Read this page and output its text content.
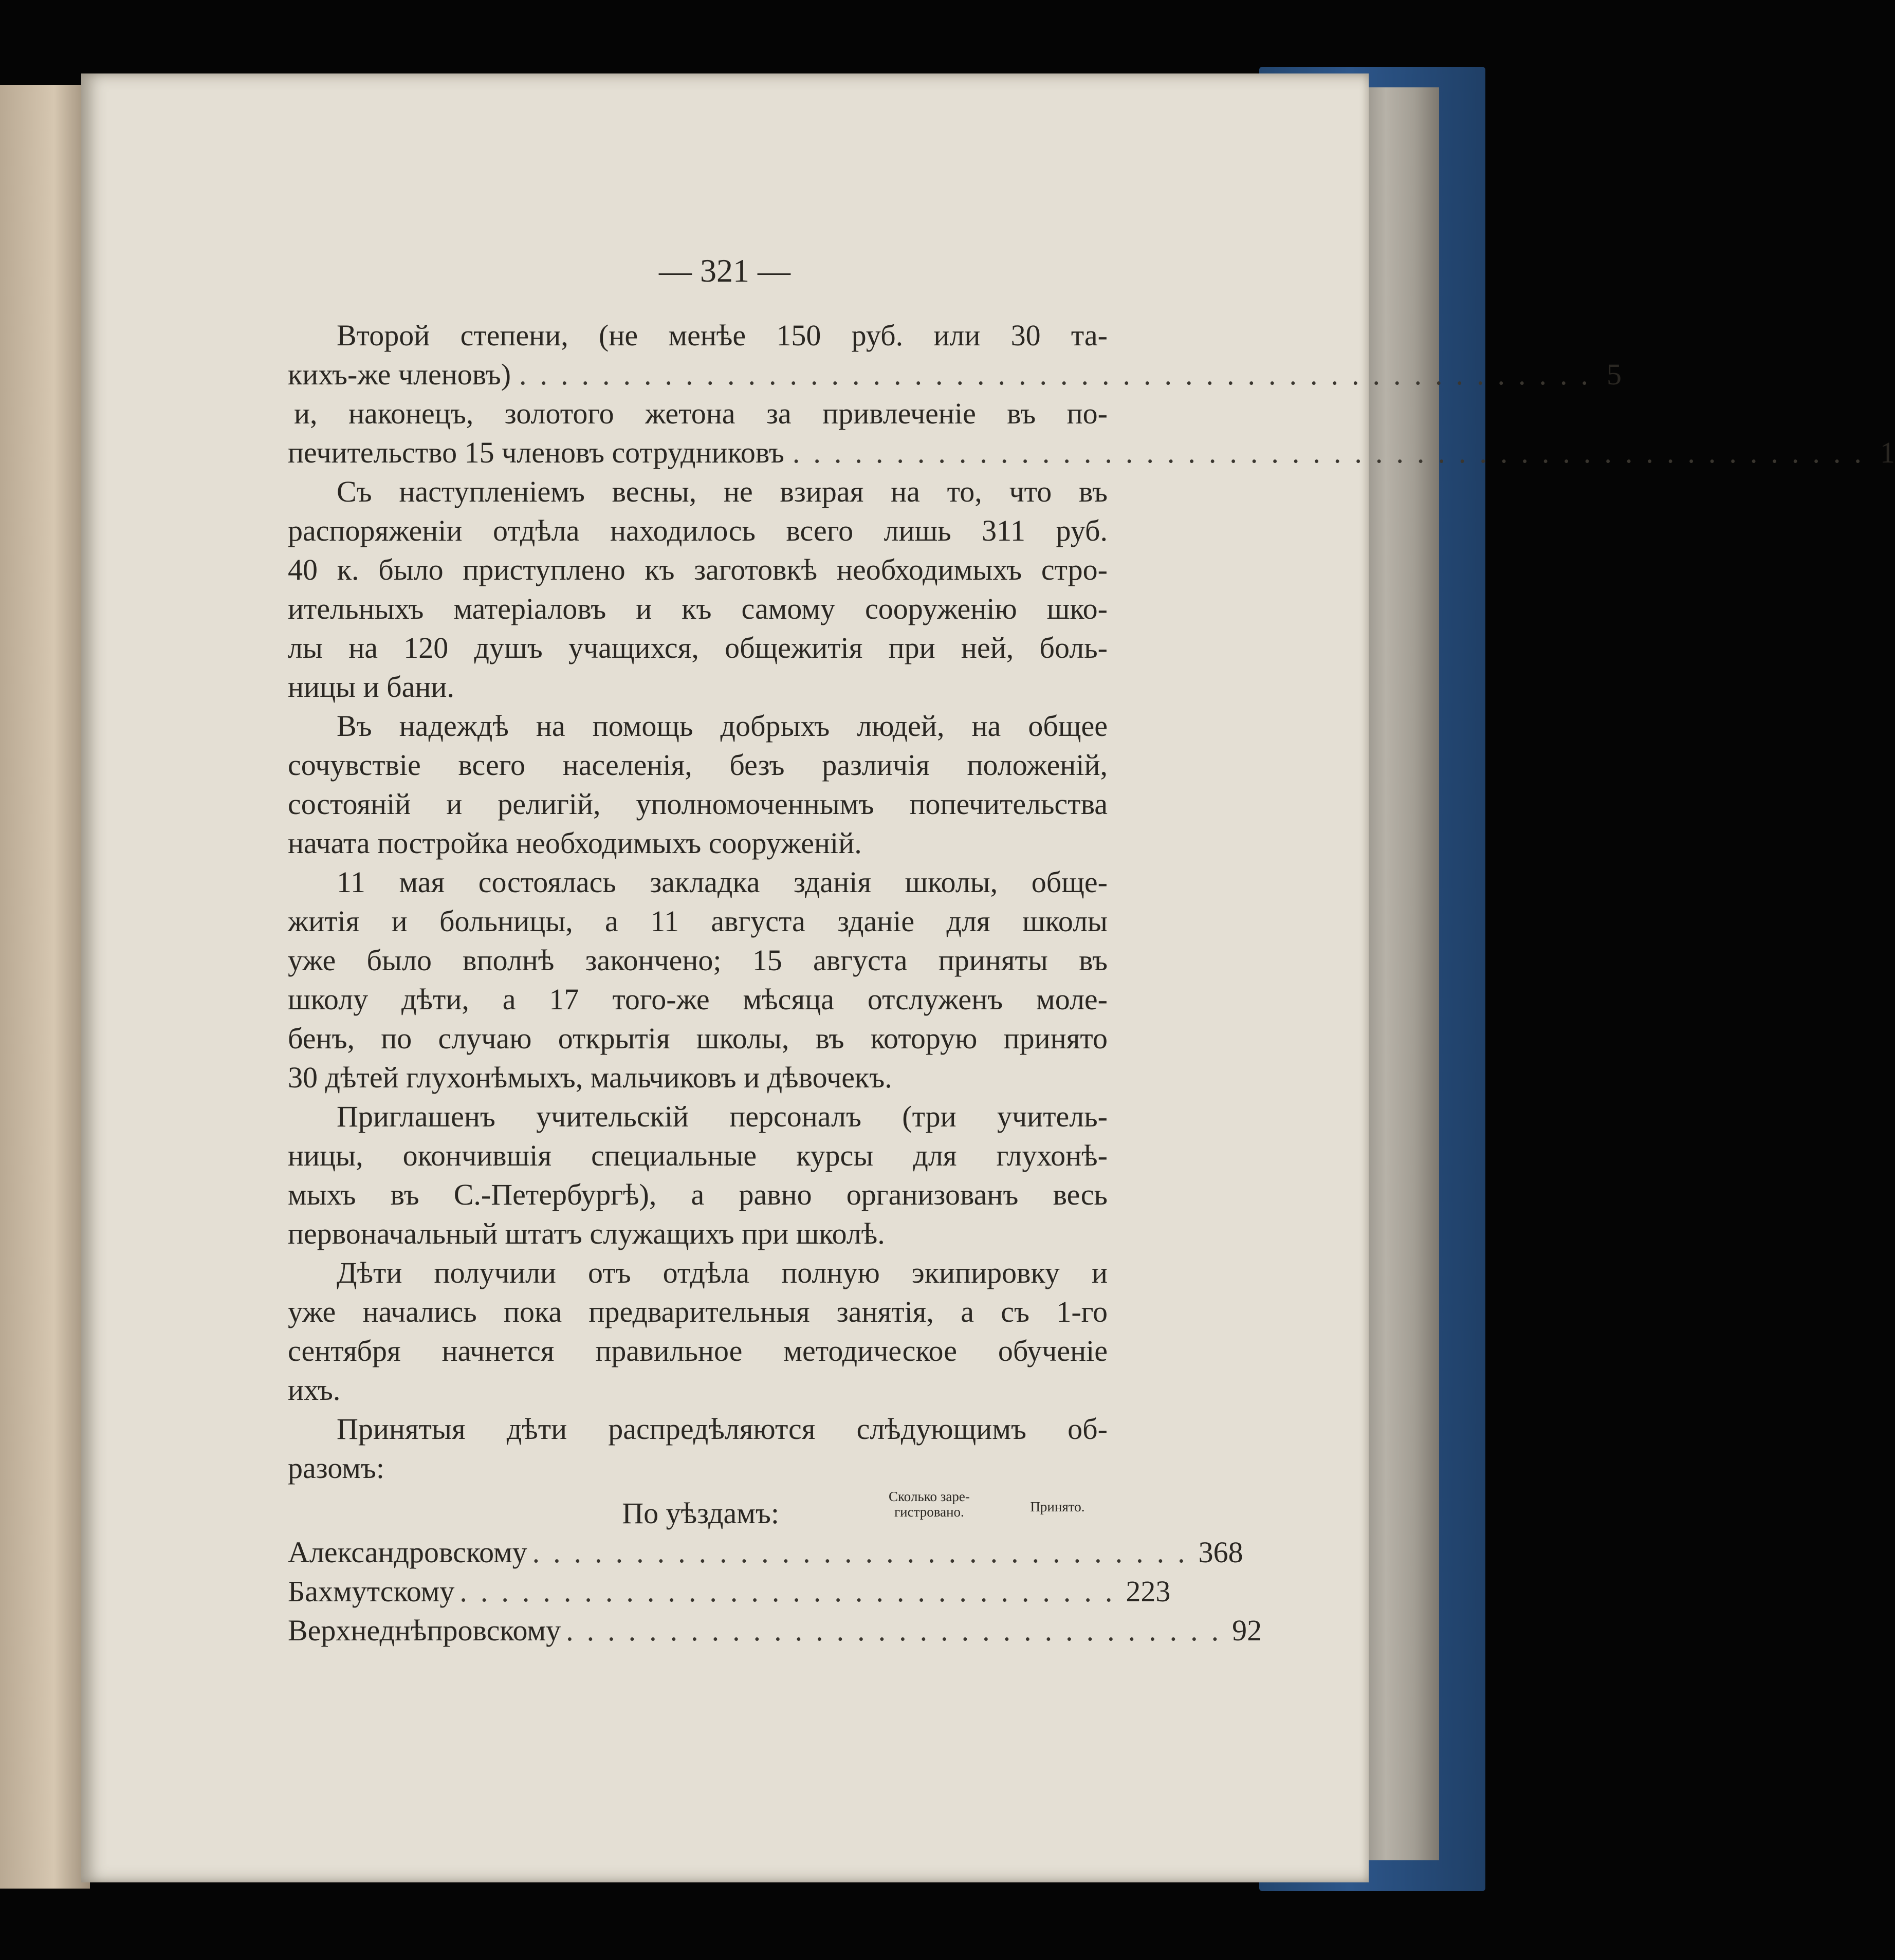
— 321 —

Второй степени, (не менѣе 150 руб. или 30 та-

кихъ-же членовъ) .................................................... 5

и, наконецъ, золотого жетона за привлеченіе въ по-

печительство 15 членовъ сотрудниковъ .................................................... 1

Съ наступленіемъ весны, не взирая на то, что въ

распоряженіи отдѣла находилось всего лишь 311 руб.

40 к. было приступлено къ заготовкѣ необходимыхъ стро-

ительныхъ матеріаловъ и къ самому сооруженію шко-

лы на 120 душъ учащихся, общежитія при ней, боль-

ницы и бани.

Въ надеждѣ на помощь добрыхъ людей, на общее

сочувствіе всего населенія, безъ различія положеній,

состояній и религій, уполномоченнымъ попечительства

начата постройка необходимыхъ сооруженій.

11 мая состоялась закладка зданія школы, обще-

житія и больницы, а 11 августа зданіе для школы

уже было вполнѣ закончено; 15 августа приняты въ

школу дѣти, а 17 того-же мѣсяца отслуженъ моле-

бенъ, по случаю открытія школы, въ которую принято

30 дѣтей глухонѣмыхъ, мальчиковъ и дѣвочекъ.

Приглашенъ учительскій персоналъ (три учитель-

ницы, окончившія специальные курсы для глухонѣ-

мыхъ въ С.-Петербургѣ), а равно организованъ весь

первоначальный штатъ служащихъ при школѣ.

Дѣти получили отъ отдѣла полную экипировку и

уже начались пока предварительныя занятія, а съ 1-го

сентября начнется правильное методическое обученіе

ихъ.

Принятыя дѣти распредѣляются слѣдующимъ об-

разомъ:

По уѣздамъ:	Сколько заре-
гистровано.	Принято.
Александровскому ................................ 36 8
Бахмутскому ................................ 22 3
Верхнеднѣпровскому ................................ 9 2
